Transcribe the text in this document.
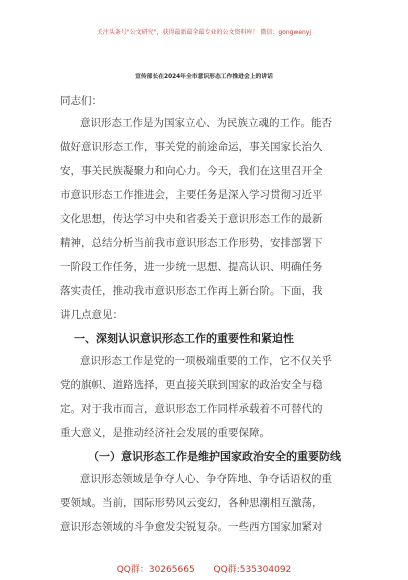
关注头条号"公文研究"，获得最新最全最专业的公文资料库！ 微信：gongwenyj
宣传部长在2024年全市意识形态工作推进会上的讲话
同志们：
意识形态工作是为国家立心、为民族立魂的工作。能否
做好意识形态工作，事关党的前途命运，事关国家长治久
安，事关民族凝聚力和向心力。今天，我们在这里召开全
市意识形态工作推进会，主要任务是深入学习贯彻习近平
文化思想，传达学习中央和省委关于意识形态工作的最新
精神，总结分析当前我市意识形态工作形势，安排部署下
一阶段工作任务，进一步统一思想、提高认识、明确任务
落实责任，推动我市意识形态工作再上新台阶。下面，我
讲几点意见：
一、深刻认识意识形态工作的重要性和紧迫性
意识形态工作是党的一项极端重要的工作，它不仅关乎
党的旗帜、道路选择，更直接关联到国家的政治安全与稳
定。对于我市而言，意识形态工作同样承载着不可替代的
重大意义，是推动经济社会发展的重要保障。
（一）意识形态工作是维护国家政治安全的重要防线
意识形态领域是争夺人心、争夺阵地、争夺话语权的重
要领域。当前，国际形势风云变幻，各种思潮相互激荡，
意识形态领域的斗争愈发尖锐复杂。一些西方国家加紧对
QQ群：30265665 QQ群:535304092
